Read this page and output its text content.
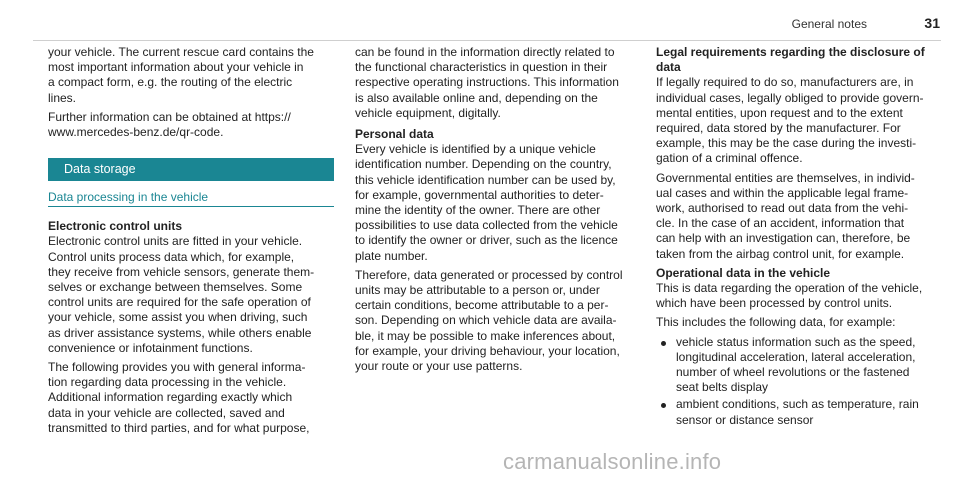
General notes	31

your vehicle. The current rescue card contains the
most important information about your vehicle in
a compact form, e.g. the routing of the electric
lines.

Further information can be obtained at https://
www.mercedes-benz.de/qr-code.

Data storage
Data processing in the vehicle
Electronic control units

Electronic control units are fitted in your vehicle.
Control units process data which, for example,
they receive from vehicle sensors, generate them-
selves or exchange between themselves. Some
control units are required for the safe operation of
your vehicle, some assist you when driving, such
as driver assistance systems, while others enable
convenience or infotainment functions.

The following provides you with general informa-
tion regarding data processing in the vehicle.
Additional information regarding exactly which
data in your vehicle are collected, saved and
transmitted to third parties, and for what purpose,

can be found in the information directly related to
the functional characteristics in question in their
respective operating instructions. This information
is also available online and, depending on the
vehicle equipment, digitally.

Personal data

Every vehicle is identified by a unique vehicle
identification number. Depending on the country,
this vehicle identification number can be used by,
for example, governmental authorities to deter-
mine the identity of the owner. There are other
possibilities to use data collected from the vehicle
to identify the owner or driver, such as the licence
plate number.

Therefore, data generated or processed by control
units may be attributable to a person or, under
certain conditions, become attributable to a per-
son. Depending on which vehicle data are availa-
ble, it may be possible to make inferences about,
for example, your driving behaviour, your location,
your route or your use patterns.

Legal requirements regarding the disclosure of
data

If legally required to do so, manufacturers are, in
individual cases, legally obliged to provide govern-
mental entities, upon request and to the extent
required, data stored by the manufacturer. For
example, this may be the case during the investi-
gation of a criminal offence.

Governmental entities are themselves, in individ-
ual cases and within the applicable legal frame-
work, authorised to read out data from the vehi-
cle. In the case of an accident, information that
can help with an investigation can, therefore, be
taken from the airbag control unit, for example.

Operational data in the vehicle

This is data regarding the operation of the vehicle,
which have been processed by control units.

This includes the following data, for example:

vehicle status information such as the speed,
longitudinal acceleration, lateral acceleration,
number of wheel revolutions or the fastened
seat belts display
ambient conditions, such as temperature, rain
sensor or distance sensor
carmanualsonline.info
